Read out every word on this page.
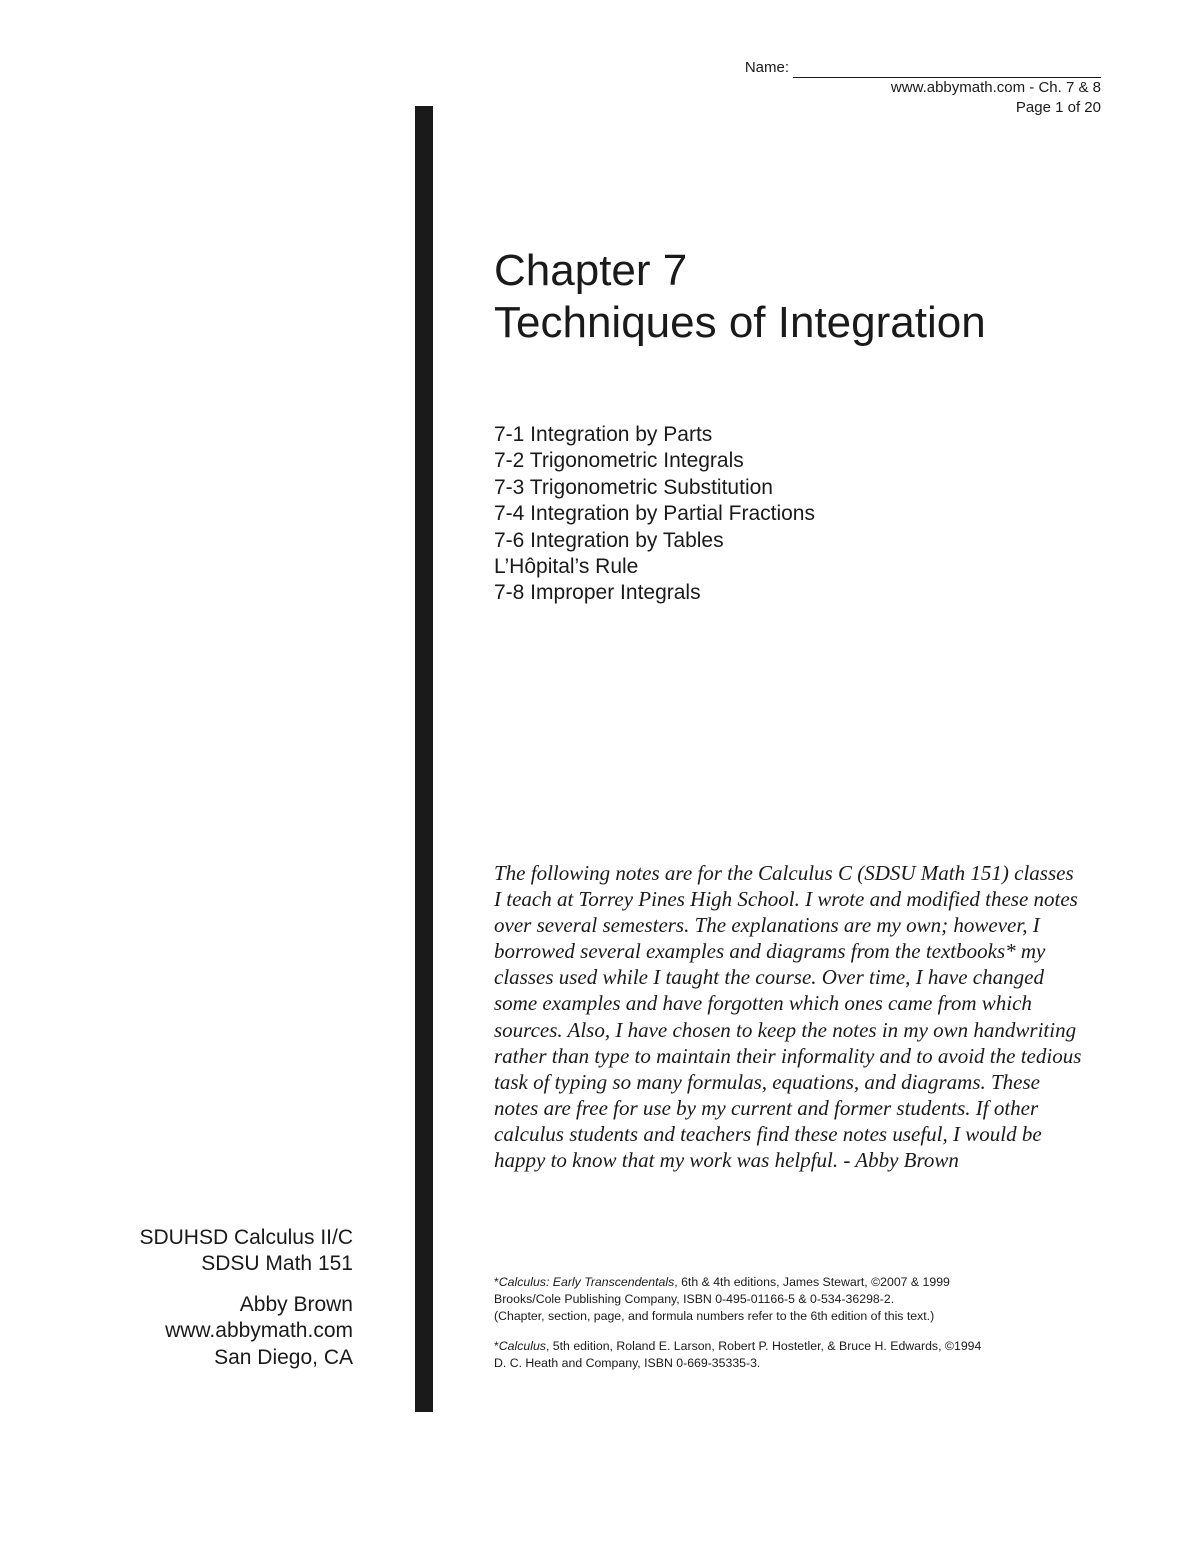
Name:
www.abbymath.com - Ch. 7 & 8
Page 1 of 20
Chapter 7
Techniques of Integration
7-1 Integration by Parts
7-2 Trigonometric Integrals
7-3 Trigonometric Substitution
7-4 Integration by Partial Fractions
7-6 Integration by Tables
L’Hôpital’s Rule
7-8 Improper Integrals

The following notes are for the Calculus C (SDSU Math 151) classes I teach at Torrey Pines High School. I wrote and modified these notes over several semesters. The explanations are my own; however, I borrowed several examples and diagrams from the textbooks* my classes used while I taught the course. Over time, I have changed some examples and have forgotten which ones came from which sources. Also, I have chosen to keep the notes in my own handwriting rather than type to maintain their informality and to avoid the tedious task of typing so many formulas, equations, and diagrams. These notes are free for use by my current and former students. If other calculus students and teachers find these notes useful, I would be happy to know that my work was helpful. - Abby Brown

*Calculus: Early Transcendentals, 6th & 4th editions, James Stewart, ©2007 & 1999
Brooks/Cole Publishing Company, ISBN 0-495-01166-5 & 0-534-36298-2.
(Chapter, section, page, and formula numbers refer to the 6th edition of this text.)

*Calculus, 5th edition, Roland E. Larson, Robert P. Hostetler, & Bruce H. Edwards, ©1994
D. C. Heath and Company, ISBN 0-669-35335-3.

SDUHSD Calculus II/C
SDSU Math 151
Abby Brown
www.abbymath.com
San Diego, CA
